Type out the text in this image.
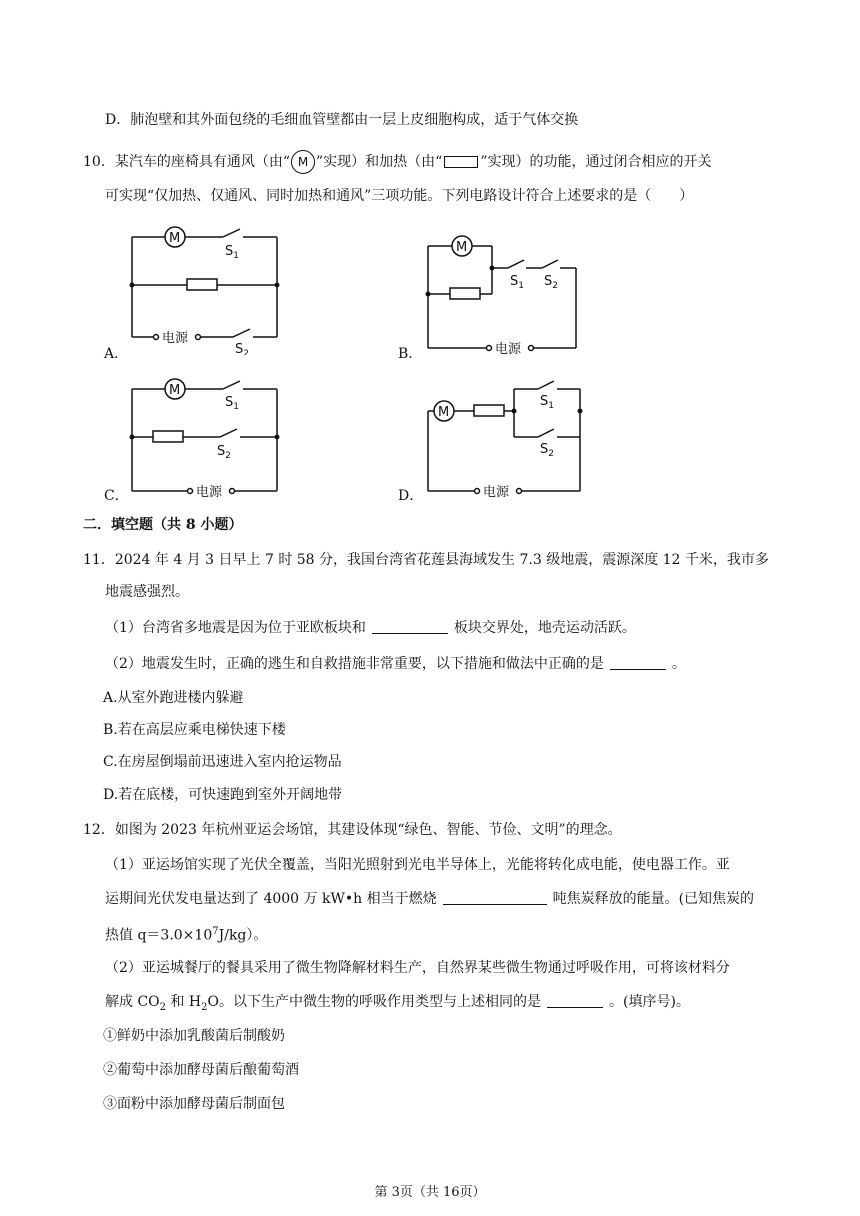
D．肺泡壁和其外面包绕的毛细血管壁都由一层上皮细胞构成，适于气体交换
10．某汽车的座椅具有通风（由“ M ”实现）和加热（由“	”实现）的功能，通过闭合相应的开关
可实现“仅加热、仅通风、同时加热和通风”三项功能。下列电路设计符合上述要求的是（　　）
M
$S_1$
电源
$S_2$
A．
M
$S_1$ $S_2$
电源
B．
M
$S_1$
$S_2$
电源
C．
M
$S_1$
$S_2$
电源
D．
二．填空题（共 8 小题）
11．2024 年 4 月 3 日早上 7 时 58 分，我国台湾省花莲县海域发生 7.3 级地震，震源深度 12 千米，我市多
地震感强烈。
（1）台湾省多地震是因为位于亚欧板块和	板块交界处，地壳运动活跃。
（2）地震发生时，正确的逃生和自救措施非常重要，以下措施和做法中正确的是	。
A.从室外跑进楼内躲避
B.若在高层应乘电梯快速下楼
C.在房屋倒塌前迅速进入室内抢运物品
D.若在底楼，可快速跑到室外开阔地带
12．如图为 2023 年杭州亚运会场馆，其建设体现“绿色、智能、节俭、文明”的理念。
（1）亚运场馆实现了光伏全覆盖，当阳光照射到光电半导体上，光能将转化成电能，使电器工作。亚
运期间光伏发电量达到了 4000 万 kW•h 相当于燃烧	吨焦炭释放的能量。(已知焦炭的
热值 $q=3.0\times 10^7J/kg$）。
（2）亚运城餐厅的餐具采用了微生物降解材料生产，自然界某些微生物通过呼吸作用，可将该材料分
解成 $CO_2$ 和 $H_2O$。以下生产中微生物的呼吸作用类型与上述相同的是	。(填序号)。
①鲜奶中添加乳酸菌后制酸奶
②葡萄中添加酵母菌后酿葡萄酒
③面粉中添加酵母菌后制面包
第 3页（共 16页）
